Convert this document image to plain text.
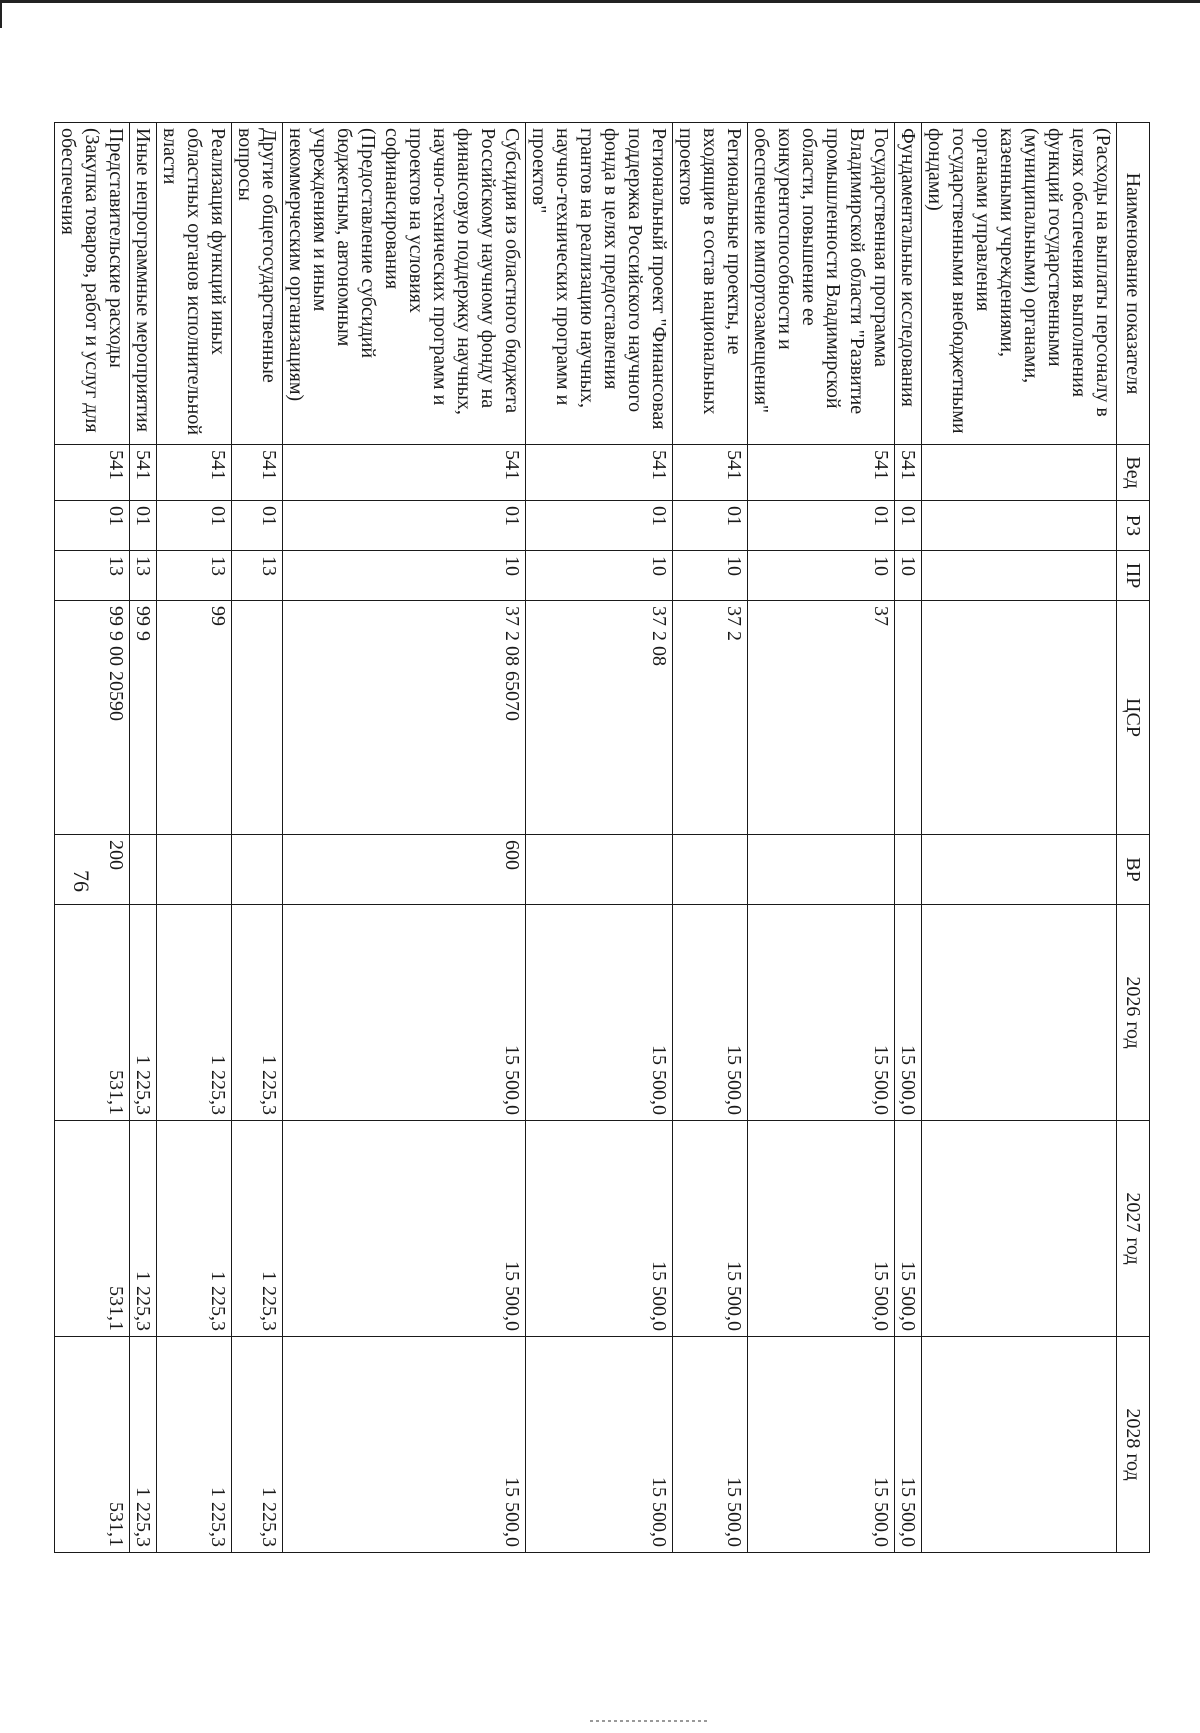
76
Наименование показателя	Вед	РЗ	ПР	ЦСР	ВР	2026 год	2027 год	2028 год
(Расходы на выплаты персоналу в целях обеспечения выполнения функций государственными (муниципальными) органами, казенными учреждениями, органами управления государственными внебюджетными фондами)								
Фундаментальные исследования	541	01	10			15 500,0	15 500,0	15 500,0
Государственная программа Владимирской области "Развитие промышленности Владимирской области, повышение ее конкурентоспособности и обеспечение импортозамещения"	541	01	10	37		15 500,0	15 500,0	15 500,0
Региональные проекты, не входящие в состав национальных проектов	541	01	10	37 2		15 500,0	15 500,0	15 500,0
Региональный проект "Финансовая поддержка Российского научного фонда в целях предоставления грантов на реализацию научных, научно-технических программ и проектов"	541	01	10	37 2 08		15 500,0	15 500,0	15 500,0
Субсидия из областного бюджета Российскому научному фонду на финансовую поддержку научных, научно-технических программ и проектов на условиях софинансирования (Предоставление субсидий бюджетным, автономным учреждениям и иным некоммерческим организациям)	541	01	10	37 2 08 65070	600	15 500,0	15 500,0	15 500,0
Другие общегосударственные вопросы	541	01	13			1 225,3	1 225,3	1 225,3
Реализация функций иных областных органов исполнительной власти	541	01	13	99		1 225,3	1 225,3	1 225,3
Иные непрограммные мероприятия	541	01	13	99 9		1 225,3	1 225,3	1 225,3
Представительские расходы (Закупка товаров, работ и услуг для обеспечения	541	01	13	99 9 00 20590	200	531,1	531,1	531,1
